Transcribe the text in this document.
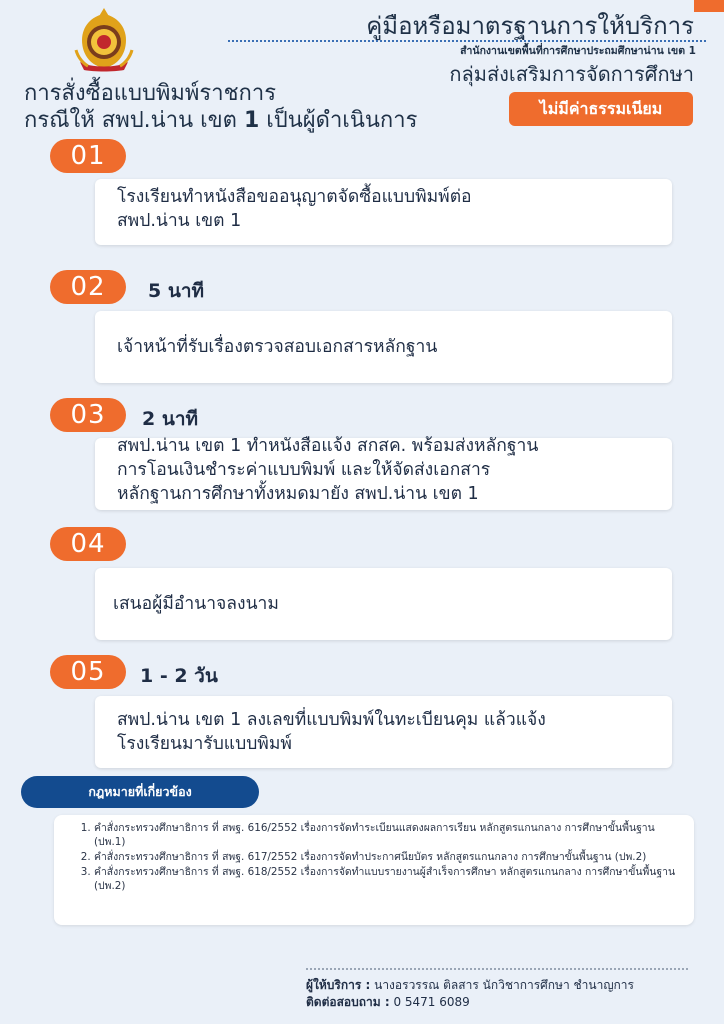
คู่มือหรือมาตรฐานการให้บริการ
สำนักงานเขตพื้นที่การศึกษาประถมศึกษาน่าน เขต 1
กลุ่มส่งเสริมการจัดการศึกษา
การสั่งซื้อแบบพิมพ์ราชการ
กรณีให้ สพป.น่าน เขต 1 เป็นผู้ดำเนินการ	ไม่มีค่าธรรมเนียม
01
โรงเรียนทำหนังสือขออนุญาตจัดซื้อแบบพิมพ์ต่อ
สพป.น่าน เขต 1
02	5 นาที
เจ้าหน้าที่รับเรื่องตรวจสอบเอกสารหลักฐาน
03	2 นาที
สพป.น่าน เขต 1 ทำหนังสือแจ้ง สกสค. พร้อมส่งหลักฐาน
การโอนเงินชำระค่าแบบพิมพ์ และให้จัดส่งเอกสาร
หลักฐานการศึกษาทั้งหมดมายัง สพป.น่าน เขต 1
04
เสนอผู้มีอำนาจลงนาม
05	1 - 2 วัน
สพป.น่าน เขต 1 ลงเลขที่แบบพิมพ์ในทะเบียนคุม แล้วแจ้ง
โรงเรียนมารับแบบพิมพ์
กฎหมายที่เกี่ยวข้อง
1. คำสั่งกระทรวงศึกษาธิการ ที่ สพฐ. 616/2552 เรื่องการจัดทำระเบียนแสดงผลการเรียน หลักสูตรแกนกลาง การศึกษาขั้นพื้นฐาน (ปพ.1)
2. คำสั่งกระทรวงศึกษาธิการ ที่ สพฐ. 617/2552 เรื่องการจัดทำประกาศนียบัตร หลักสูตรแกนกลาง การศึกษาขั้นพื้นฐาน (ปพ.2)
3. คำสั่งกระทรวงศึกษาธิการ ที่ สพฐ. 618/2552 เรื่องการจัดทำแบบรายงานผู้สำเร็จการศึกษา หลักสูตรแกนกลาง การศึกษาขั้นพื้นฐาน (ปพ.2)
ผู้ให้บริการ : นางอรวรรณ ติลสาร นักวิชาการศึกษา ชำนาญการ
ติดต่อสอบถาม : 0 5471 6089
